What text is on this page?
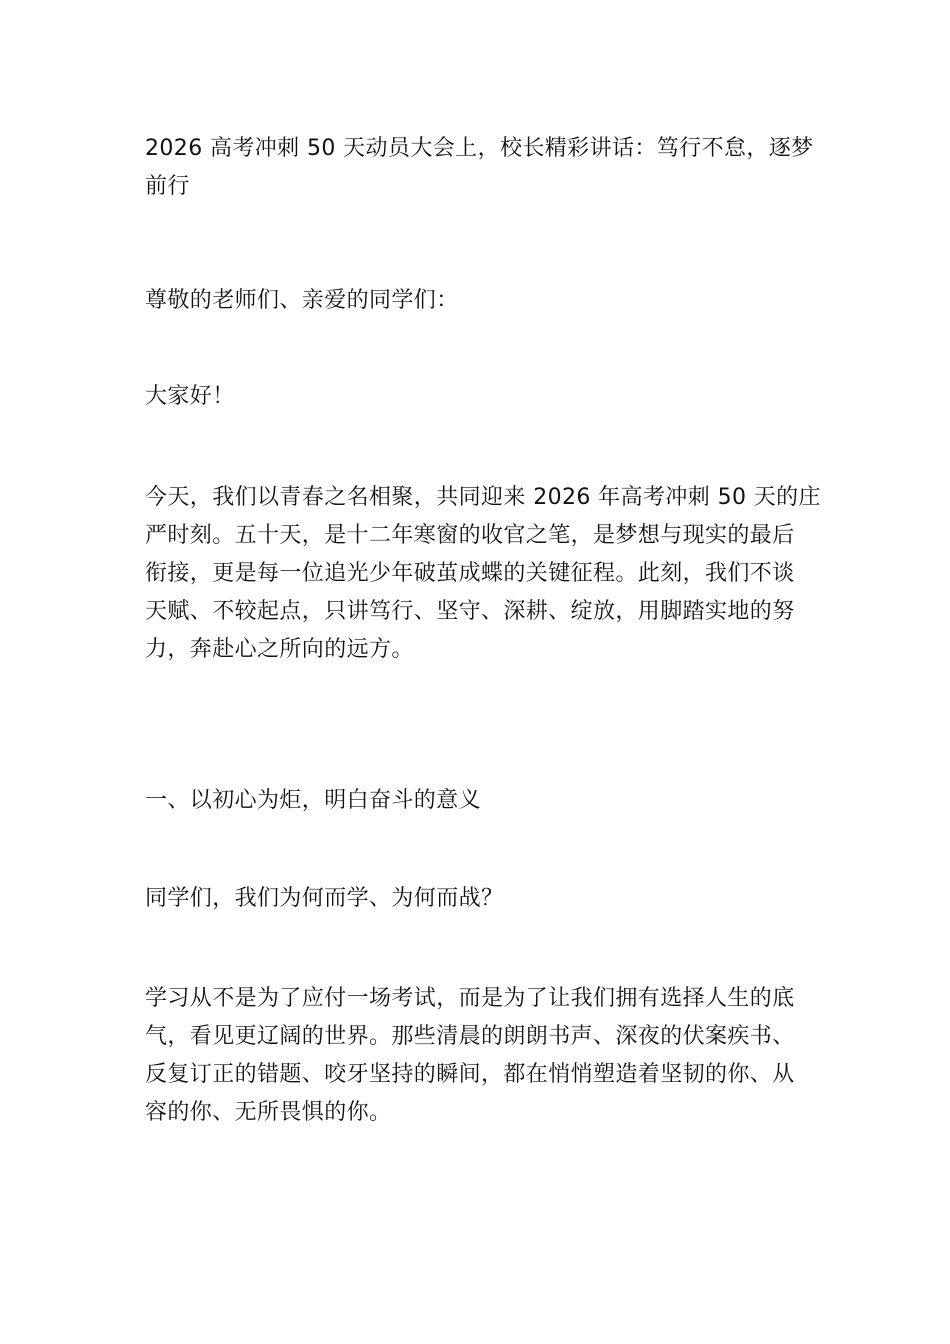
2026 高考冲刺 50 天动员大会上，校长精彩讲话：笃行不怠，逐梦
前行
尊敬的老师们、亲爱的同学们：
大家好！
今天，我们以青春之名相聚，共同迎来 2026 年高考冲刺 50 天的庄
严时刻。五十天，是十二年寒窗的收官之笔，是梦想与现实的最后
衔接，更是每一位追光少年破茧成蝶的关键征程。此刻，我们不谈
天赋、不较起点，只讲笃行、坚守、深耕、绽放，用脚踏实地的努
力，奔赴心之所向的远方。
一、以初心为炬，明白奋斗的意义
同学们，我们为何而学、为何而战？
学习从不是为了应付一场考试，而是为了让我们拥有选择人生的底
气，看见更辽阔的世界。那些清晨的朗朗书声、深夜的伏案疾书、
反复订正的错题、咬牙坚持的瞬间，都在悄悄塑造着坚韧的你、从
容的你、无所畏惧的你。
